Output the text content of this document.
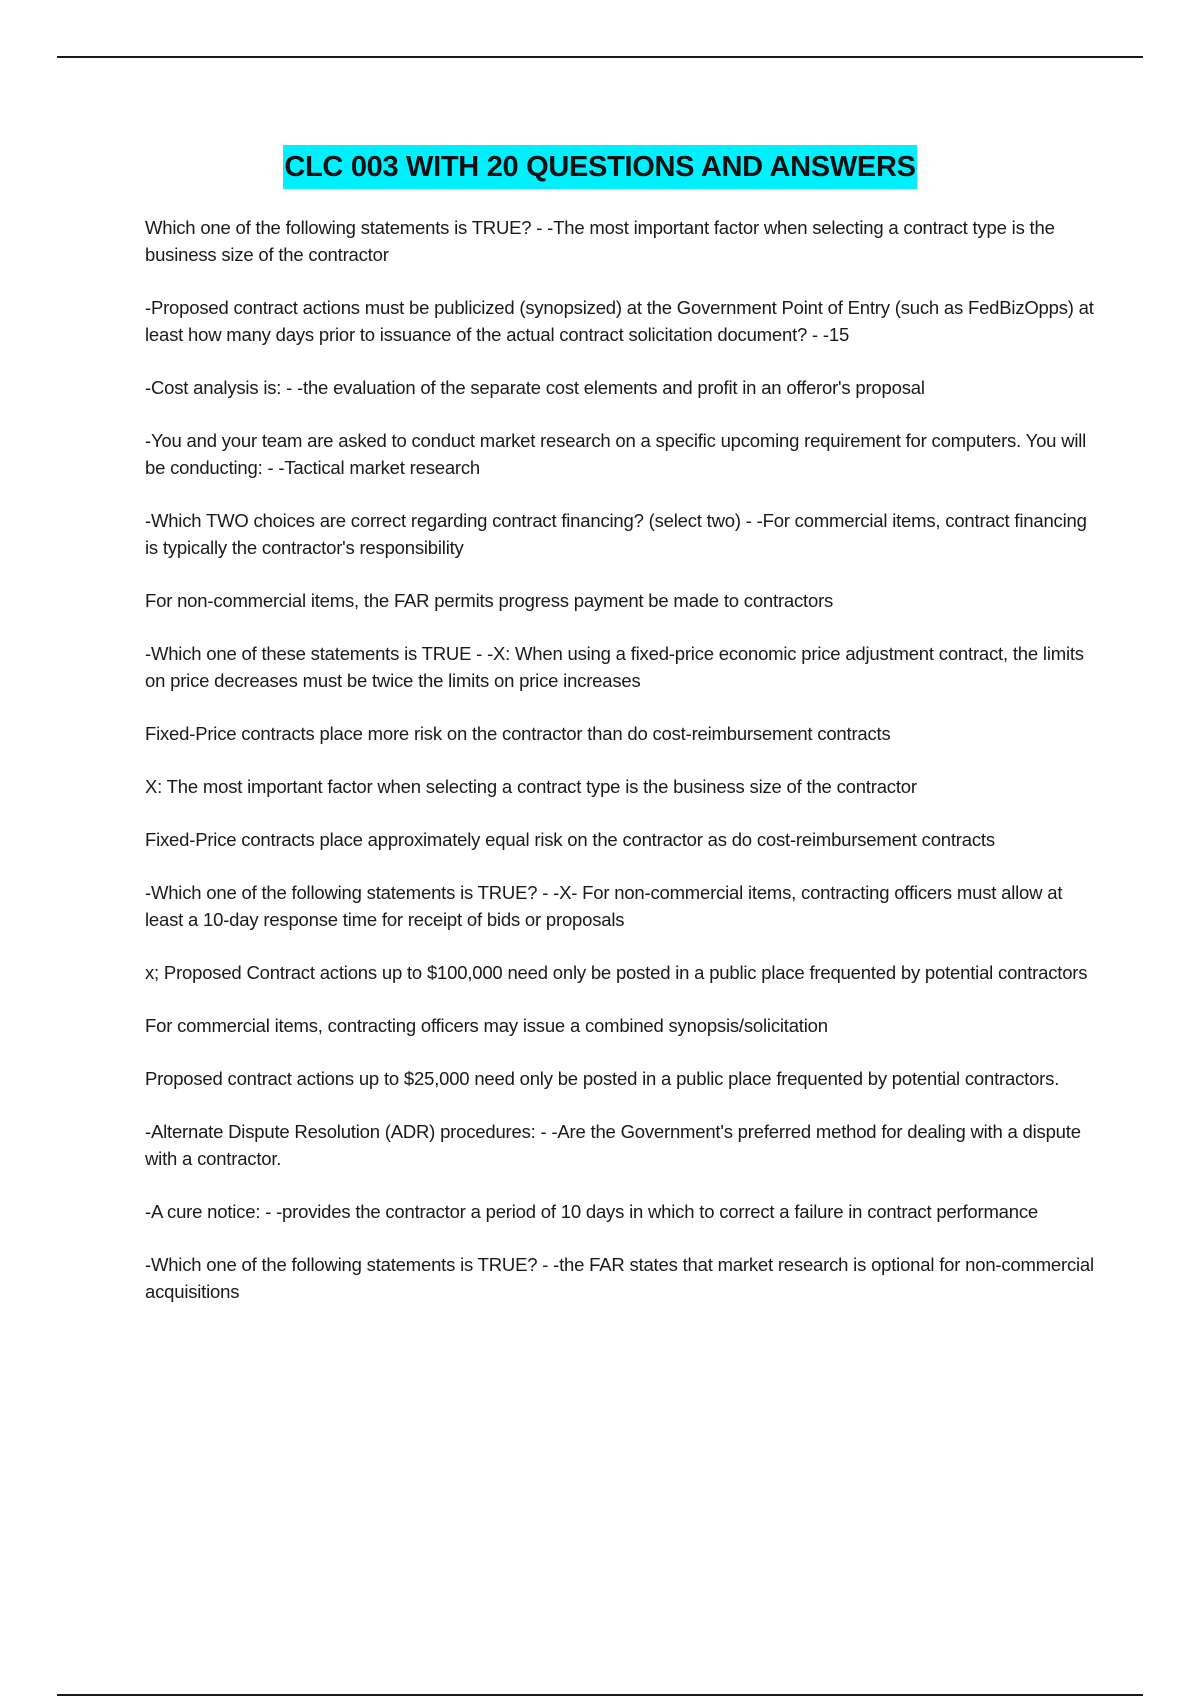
CLC 003 WITH 20 QUESTIONS AND ANSWERS

Which one of the following statements is TRUE? - -The most important factor when selecting a contract type is the business size of the contractor

-Proposed contract actions must be publicized (synopsized) at the Government Point of Entry (such as FedBizOpps) at least how many days prior to issuance of the actual contract solicitation document? - -15

-Cost analysis is: - -the evaluation of the separate cost elements and profit in an offeror's proposal

-You and your team are asked to conduct market research on a specific upcoming requirement for computers. You will be conducting: - -Tactical market research

-Which TWO choices are correct regarding contract financing? (select two) - -For commercial items, contract financing is typically the contractor's responsibility

For non-commercial items, the FAR permits progress payment be made to contractors

-Which one of these statements is TRUE - -X: When using a fixed-price economic price adjustment contract, the limits on price decreases must be twice the limits on price increases

Fixed-Price contracts place more risk on the contractor than do cost-reimbursement contracts

X: The most important factor when selecting a contract type is the business size of the contractor

Fixed-Price contracts place approximately equal risk on the contractor as do cost-reimbursement contracts

-Which one of the following statements is TRUE? - -X- For non-commercial items, contracting officers must allow at least a 10-day response time for receipt of bids or proposals

x; Proposed Contract actions up to $100,000 need only be posted in a public place frequented by potential contractors

For commercial items, contracting officers may issue a combined synopsis/solicitation

Proposed contract actions up to $25,000 need only be posted in a public place frequented by potential contractors.

-Alternate Dispute Resolution (ADR) procedures: - -Are the Government's preferred method for dealing with a dispute with a contractor.

-A cure notice: - -provides the contractor a period of 10 days in which to correct a failure in contract performance

-Which one of the following statements is TRUE? - -the FAR states that market research is optional for non-commercial acquisitions
